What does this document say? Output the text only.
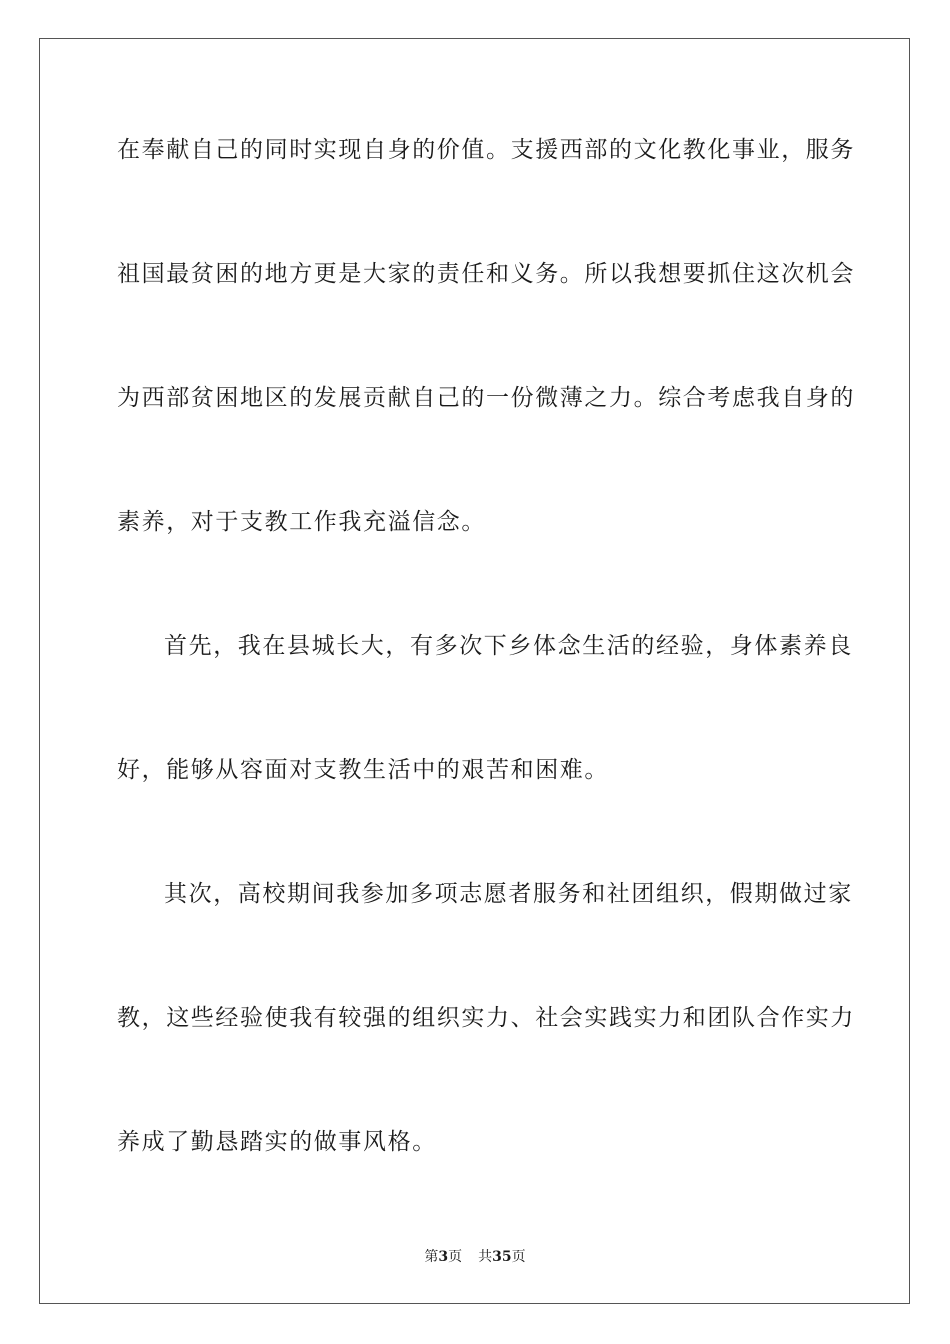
在奉献自己的同时实现自身的价值。支援西部的文化教化事业，服务
祖国最贫困的地方更是大家的责任和义务。所以我想要抓住这次机会
为西部贫困地区的发展贡献自己的一份微薄之力。综合考虑我自身的
素养，对于支教工作我充溢信念。
首先，我在县城长大，有多次下乡体念生活的经验，身体素养良
好，能够从容面对支教生活中的艰苦和困难。
其次，高校期间我参加多项志愿者服务和社团组织，假期做过家
教，这些经验使我有较强的组织实力、社会实践实力和团队合作实力
养成了勤恳踏实的做事风格。
第3页 共35页
